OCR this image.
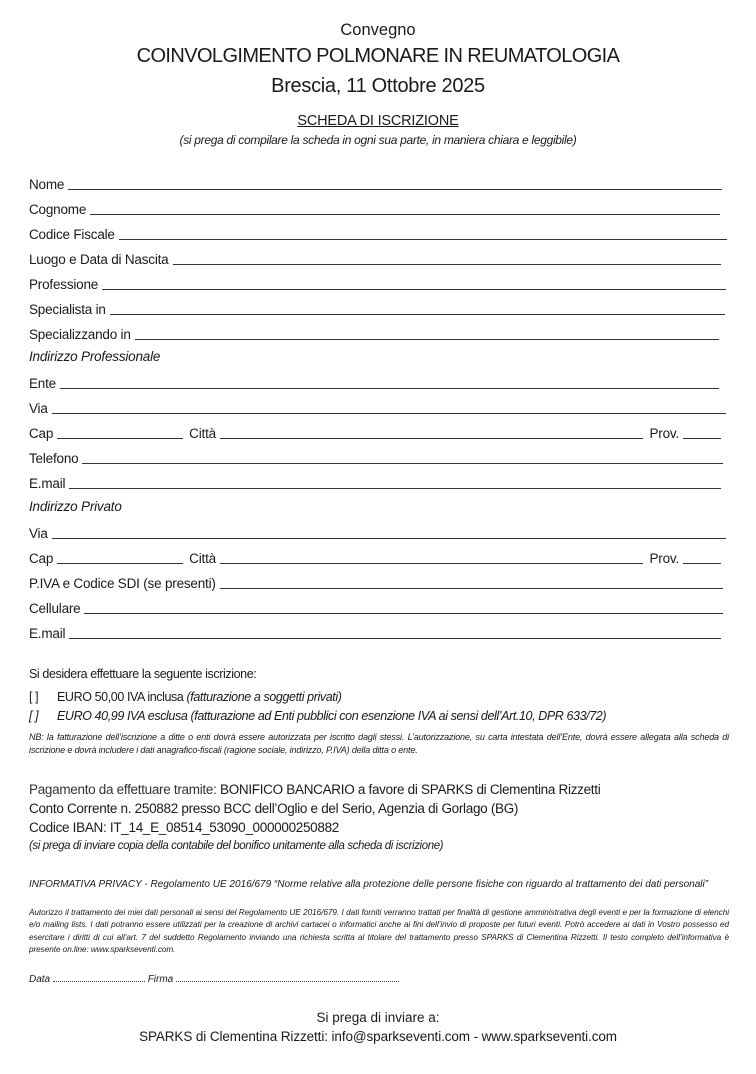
Convegno
COINVOLGIMENTO POLMONARE IN REUMATOLOGIA
Brescia, 11 Ottobre 2025
SCHEDA DI ISCRIZIONE
(si prega di compilare la scheda in ogni sua parte, in maniera chiara e leggibile)
Nome
Cognome
Codice Fiscale
Luogo e Data di Nascita
Professione
Specialista in
Specializzando in
Indirizzo Professionale
Ente
Via
Cap	Città	Prov.
Telefono
E.mail
Indirizzo Privato
Via
Cap	Città	Prov.
P.IVA e Codice SDI (se presenti)
Cellulare
E.mail
Si desidera effettuare la seguente iscrizione:
[ ] EURO 50,00 IVA inclusa (fatturazione a soggetti privati)
[ ] EURO 40,99 IVA esclusa (fatturazione ad Enti pubblici con esenzione IVA ai sensi dell’Art.10, DPR 633/72)
NB: la fatturazione dell’iscrizione a ditte o enti dovrà essere autorizzata per iscritto dagli stessi. L’autorizzazione, su carta intestata dell’Ente, dovrà essere allegata alla scheda di iscrizione e dovrà includere i dati anagrafico-fiscali (ragione sociale, indirizzo, P.IVA) della ditta o ente.
Pagamento da effettuare tramite: BONIFICO BANCARIO a favore di SPARKS di Clementina Rizzetti
Conto Corrente n. 250882 presso BCC dell’Oglio e del Serio, Agenzia di Gorlago (BG)
Codice IBAN: IT_14_E_08514_53090_000000250882
(si prega di inviare copia della contabile del bonifico unitamente alla scheda di iscrizione)
INFORMATIVA PRIVACY - Regolamento UE 2016/679 “Norme relative alla protezione delle persone fisiche con riguardo al trattamento dei dati personali”
Autorizzo il trattamento dei miei dati personali ai sensi del Regolamento UE 2016/679. I dati forniti verranno trattati per finalità di gestione amministrativa degli eventi e per la formazione di elenchi e/o mailing lists. I dati potranno essere utilizzati per la creazione di archivi cartacei o informatici anche ai fini dell’invio di proposte per futuri eventi. Potrò accedere ai dati in Vostro possesso ed esercitare i diritti di cui all’art. 7 del suddetto Regolamento inviando una richiesta scritta al titolare del trattamento presso SPARKS di Clementina Rizzetti. Il testo completo dell’informativa è presente on.line: www.sparkseventi.com.
Data	Firma
Si prega di inviare a:
SPARKS di Clementina Rizzetti: info@sparkseventi.com - www.sparkseventi.com
